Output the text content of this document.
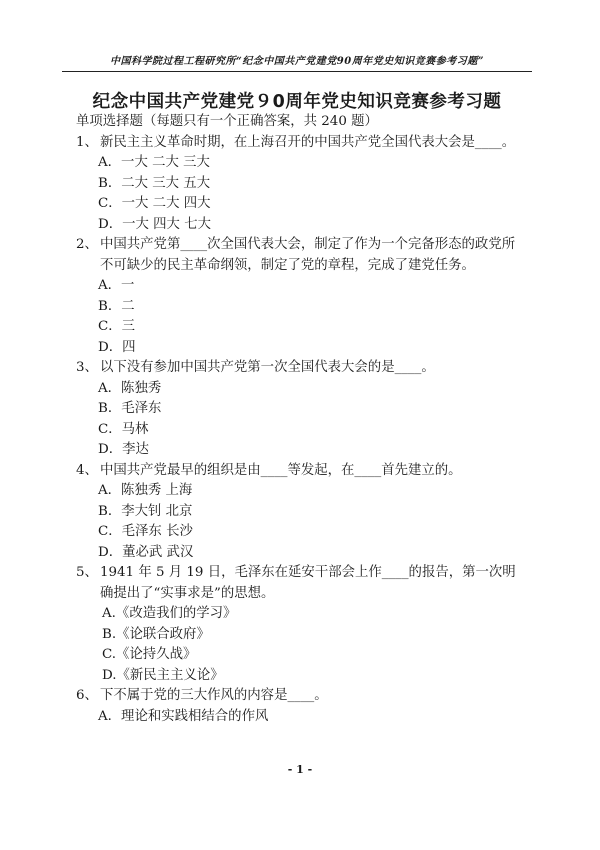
中国科学院过程工程研究所“纪念中国共产党建党90周年党史知识竞赛参考习题”
纪念中国共产党建党９0周年党史知识竞赛参考习题
单项选择题（每题只有一个正确答案，共 240 题）
1、 新民主主义革命时期，在上海召开的中国共产党全国代表大会是____。
A．一大 二大 三大
B．二大 三大 五大
C．一大 二大 四大
D．一大 四大 七大
2、 中国共产党第____次全国代表大会，制定了作为一个完备形态的政党所不可缺少的民主革命纲领，制定了党的章程，完成了建党任务。
A．一
B．二
C．三
D．四
3、 以下没有参加中国共产党第一次全国代表大会的是____。
A．陈独秀
B．毛泽东
C．马林
D．李达
4、 中国共产党最早的组织是由____等发起，在____首先建立的。
A．陈独秀 上海
B．李大钊 北京
C．毛泽东 长沙
D．董必武 武汉
5、 1941 年 5 月 19 日，毛泽东在延安干部会上作____的报告，第一次明确提出了“实事求是”的思想。
A.《改造我们的学习》
B.《论联合政府》
C.《论持久战》
D.《新民主主义论》
6、 下不属于党的三大作风的内容是____。
A．理论和实践相结合的作风
- 1 -
